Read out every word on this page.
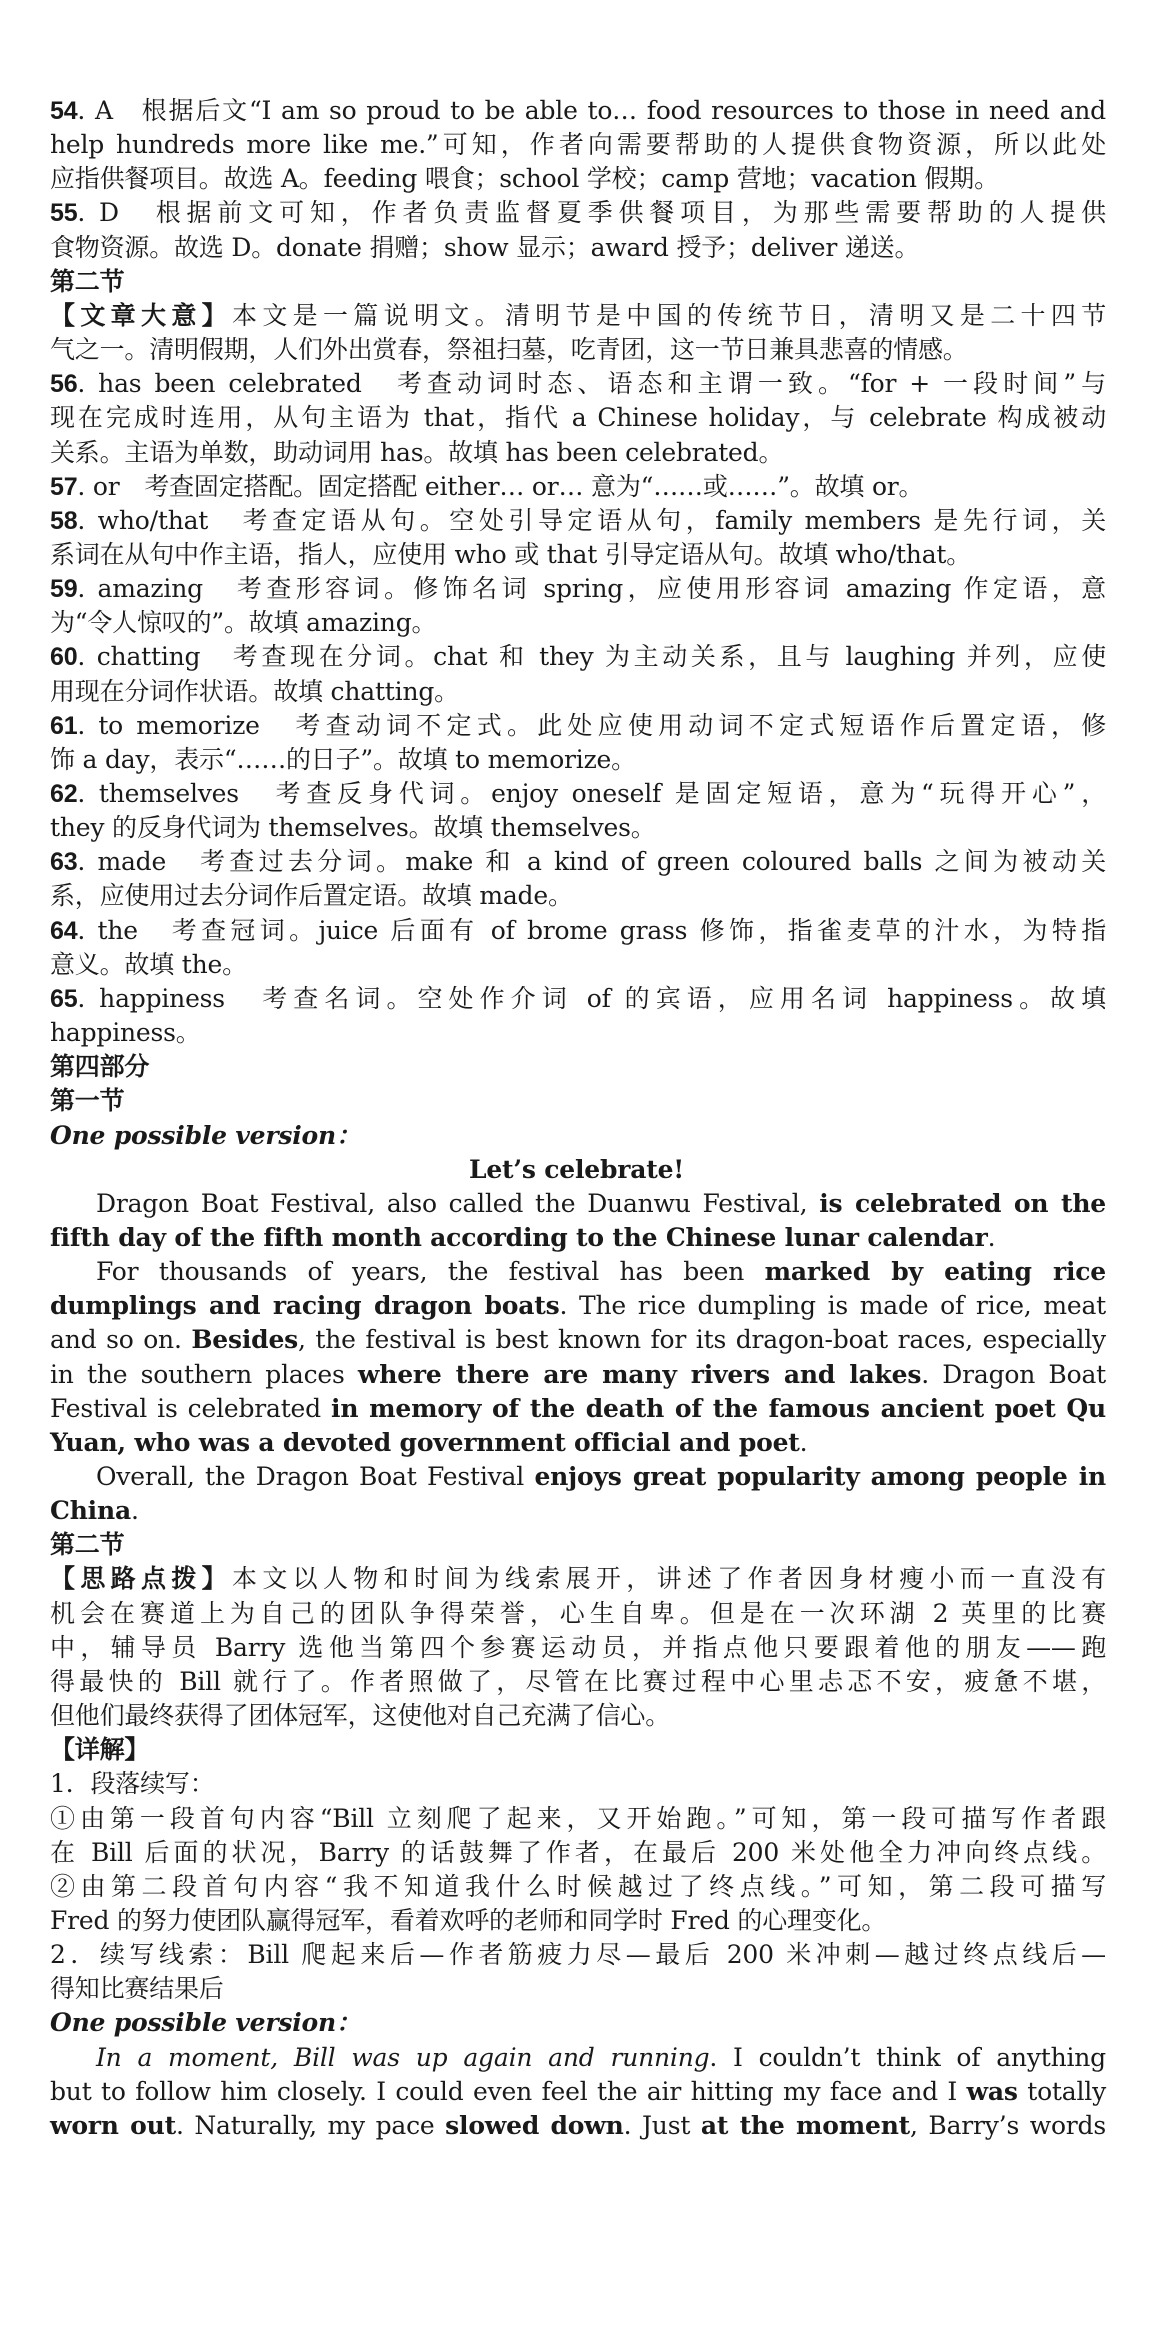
54. A　根据后文“I am so proud to be able to… food resources to those in need and
help hundreds more like me.”可知，作者向需要帮助的人提供食物资源，所以此处
应指供餐项目。故选 A。feeding 喂食；school 学校；camp 营地；vacation 假期。
55. D　根据前文可知，作者负责监督夏季供餐项目，为那些需要帮助的人提供
食物资源。故选 D。donate 捐赠；show 显示；award 授予；deliver 递送。
第二节
【文章大意】本文是一篇说明文。清明节是中国的传统节日，清明又是二十四节
气之一。清明假期，人们外出赏春，祭祖扫墓，吃青团，这一节日兼具悲喜的情感。
56. has been celebrated　考查动词时态、语态和主谓一致。“for + 一段时间”与
现在完成时连用，从句主语为 that，指代 a Chinese holiday，与 celebrate 构成被动
关系。主语为单数，助动词用 has。故填 has been celebrated。
57. or　考查固定搭配。固定搭配 either… or… 意为“……或……”。故填 or。
58. who/that　考查定语从句。空处引导定语从句，family members 是先行词，关
系词在从句中作主语，指人，应使用 who 或 that 引导定语从句。故填 who/that。
59. amazing　考查形容词。修饰名词 spring，应使用形容词 amazing 作定语，意
为“令人惊叹的”。故填 amazing。
60. chatting　考查现在分词。chat 和 they 为主动关系，且与 laughing 并列，应使
用现在分词作状语。故填 chatting。
61. to memorize　考查动词不定式。此处应使用动词不定式短语作后置定语，修
饰 a day，表示“……的日子”。故填 to memorize。
62. themselves　考查反身代词。enjoy oneself 是固定短语，意为“玩得开心”，
they 的反身代词为 themselves。故填 themselves。
63. made　考查过去分词。make 和 a kind of green coloured balls 之间为被动关
系，应使用过去分词作后置定语。故填 made。
64. the　考查冠词。juice 后面有 of brome grass 修饰，指雀麦草的汁水，为特指
意义。故填 the。
65. happiness　考查名词。空处作介词 of 的宾语，应用名词 happiness。故填
happiness。
第四部分
第一节
One possible version：
Let’s celebrate!
Dragon Boat Festival, also called the Duanwu Festival, is celebrated on the
fifth day of the fifth month according to the Chinese lunar calendar.
For thousands of years, the festival has been marked by eating rice
dumplings and racing dragon boats. The rice dumpling is made of rice, meat
and so on. Besides, the festival is best known for its dragon-boat races, especially
in the southern places where there are many rivers and lakes. Dragon Boat
Festival is celebrated in memory of the death of the famous ancient poet Qu
Yuan, who was a devoted government official and poet.
Overall, the Dragon Boat Festival enjoys great popularity among people in
China.
第二节
【思路点拨】本文以人物和时间为线索展开，讲述了作者因身材瘦小而一直没有
机会在赛道上为自己的团队争得荣誉，心生自卑。但是在一次环湖 2 英里的比赛
中，辅导员 Barry 选他当第四个参赛运动员，并指点他只要跟着他的朋友——跑
得最快的 Bill 就行了。作者照做了，尽管在比赛过程中心里忐忑不安，疲惫不堪，
但他们最终获得了团体冠军，这使他对自己充满了信心。
【详解】
1．段落续写：
①由第一段首句内容“Bill 立刻爬了起来，又开始跑。”可知，第一段可描写作者跟
在 Bill 后面的状况，Barry 的话鼓舞了作者，在最后 200 米处他全力冲向终点线。
②由第二段首句内容“我不知道我什么时候越过了终点线。”可知，第二段可描写
Fred 的努力使团队赢得冠军，看着欢呼的老师和同学时 Fred 的心理变化。
2．续写线索：Bill 爬起来后—作者筋疲力尽—最后 200 米冲刺—越过终点线后—
得知比赛结果后
One possible version：
In a moment, Bill was up again and running. I couldn’t think of anything
but to follow him closely. I could even feel the air hitting my face and I was totally
worn out. Naturally, my pace slowed down. Just at the moment, Barry’s words
